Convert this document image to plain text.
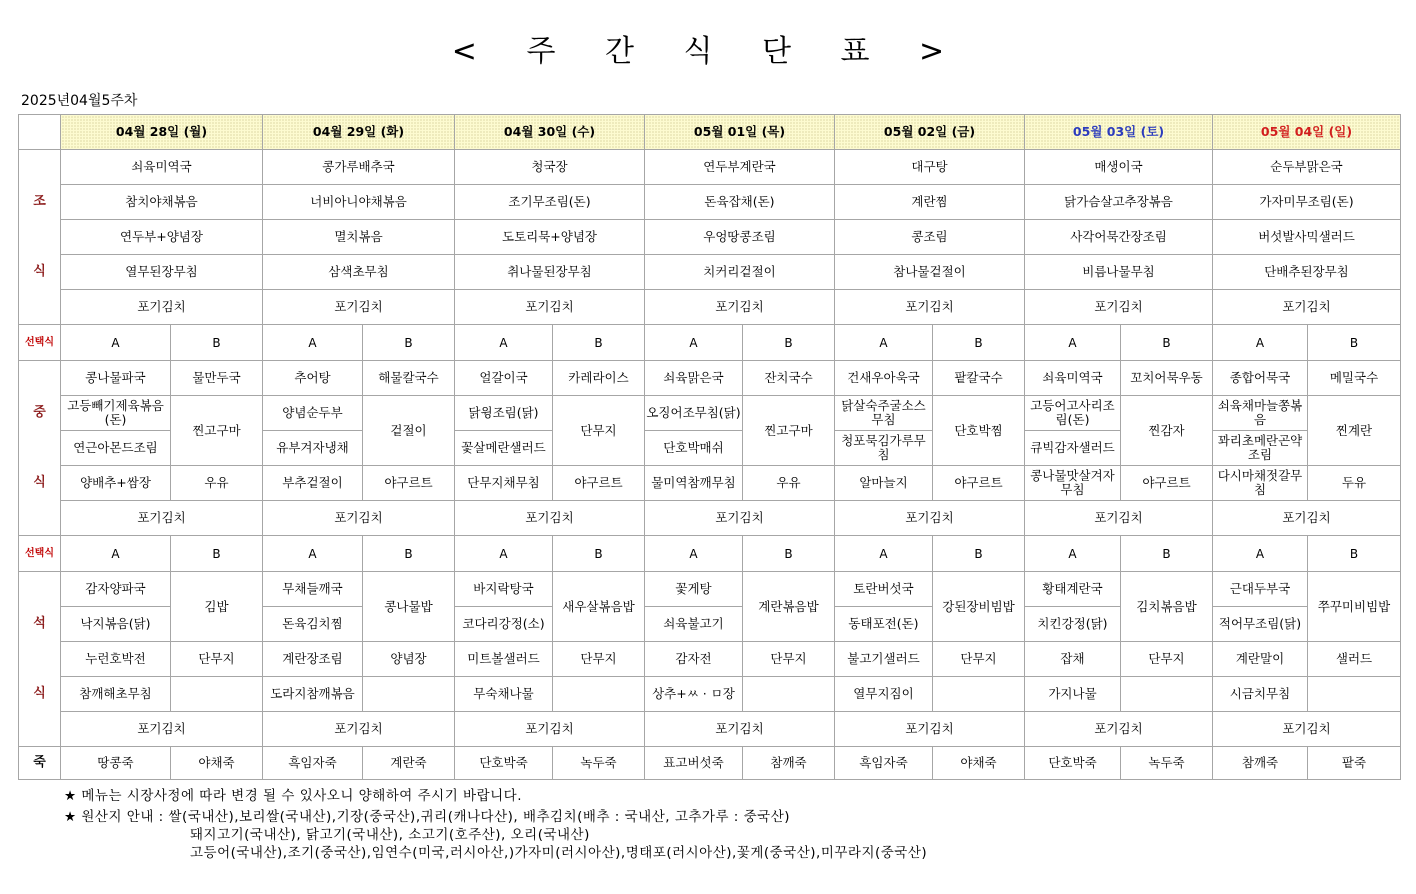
< 주 간 식 단 표 >
2025년04월5주차
	04월 28일 (월)		04월 29일 (화)		04월 30일 (수)		05월 01일 (목)		05월 02일 (금)		05월 03일 (토)		05월 04일 (일)	
	쇠육미역국		콩가루배추국		청국장		연두부계란국		대구탕		매생이국		순두부맑은국	
조	참치야채볶음		너비아니야채볶음		조기무조림(돈)		돈육잡채(돈)		계란찜		닭가슴살고추장볶음		가자미무조림(돈)	
	연두부+양념장		멸치볶음		도토리묵+양념장		우엉땅콩조림		콩조림		사각어묵간장조림		버섯발사믹샐러드	
식	열무된장무침		삼색초무침		취나물된장무침		치커리겉절이		참나물겉절이		비름나물무침		단배추된장무침	
	포기김치		포기김치		포기김치		포기김치		포기김치		포기김치		포기김치	
선택식	A	B	A	B	A	B	A	B	A	B	A	B	A	B
	콩나물파국	물만두국	추어탕	해물칼국수	얼갈이국	카레라이스	쇠육맑은국	잔치국수	건새우아욱국	팥칼국수	쇠육미역국	꼬치어묵우동	종합어묵국	메밀국수
중	고등빼기제육볶음(돈)	찐고구마	양념순두부	겉절이	닭윙조림(닭)	단무지	오징어조무침(닭)	찐고구마	닭살숙주굴소스무침	단호박찜	고등어고사리조림(돈)	찐감자	쇠육채마늘쫑볶음	찐계란
	연근아몬드조림		유부겨자냉채		꽃살메란샐러드		단호박매쉬		청포묵김가루무침		큐빅감자샐러드		꽈리초메란곤약조림	
식	양배추+쌈장	우유	부추겉절이	야구르트	단무지채무침	야구르트	물미역참깨무침	우유	알마늘지	야구르트	콩나물맛살겨자무침	야구르트	다시마채젓갈무침	두유
	포기김치		포기김치		포기김치		포기김치		포기김치		포기김치		포기김치	
선택식	A	B	A	B	A	B	A	B	A	B	A	B	A	B
	감자양파국	김밥	무채들깨국	콩나물밥	바지락탕국	새우살볶음밥	꽃게탕	계란볶음밥	토란버섯국	강된장비빔밥	황태계란국	김치볶음밥	근대두부국	쭈꾸미비빔밥
석	낙지볶음(닭)		돈육김치찜		코다리강정(소)		쇠육불고기		동태포전(돈)		치킨강정(닭)		적어무조림(닭)	
	누런호박전	단무지	계란장조림	양념장	미트볼샐러드	단무지	감자전	단무지	불고기샐러드	단무지	잡채	단무지	계란말이	샐러드
식	참깨해초무침		도라지참깨볶음		무숙채나물		상추+ㅆ · ㅁ장		열무지짐이		가지나물		시금치무침	
	포기김치		포기김치		포기김치		포기김치		포기김치		포기김치		포기김치	
죽	땅콩죽	야채죽	흑임자죽	계란죽	단호박죽	녹두죽	표고버섯죽	참깨죽	흑임자죽	야채죽	단호박죽	녹두죽	참깨죽	팥죽
★ 메뉴는 시장사정에 따라 변경 될 수 있사오니 양해하여 주시기 바랍니다.
★ 원산지 안내 : 쌀(국내산),보리쌀(국내산),기장(중국산),귀리(캐나다산), 배추김치(배추 : 국내산, 고추가루 : 중국산)
돼지고기(국내산), 닭고기(국내산), 소고기(호주산), 오리(국내산)
고등어(국내산),조기(중국산),임연수(미국,러시아산,)가자미(러시아산),명태포(러시아산),꽃게(중국산),미꾸라지(중국산)
